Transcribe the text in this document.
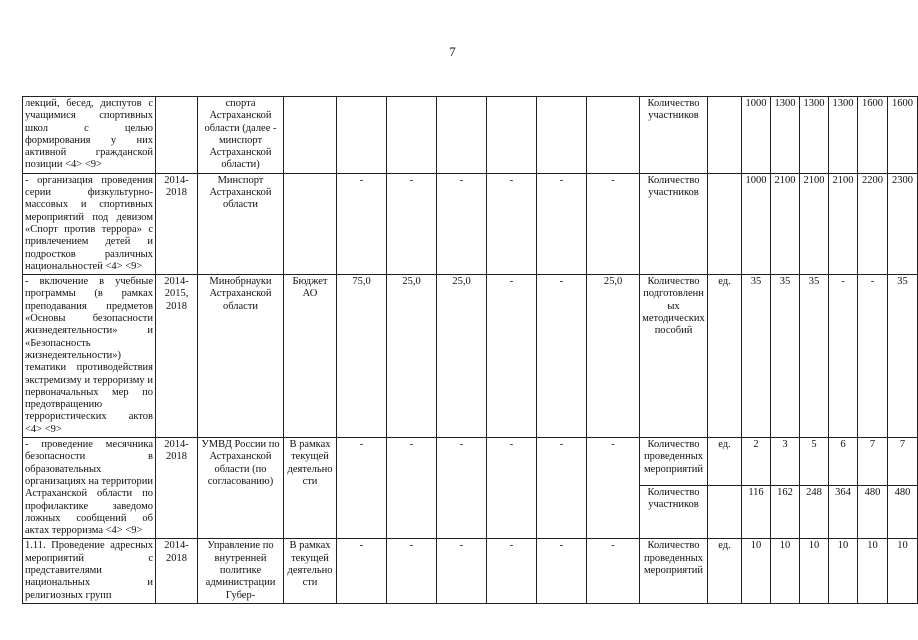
7
лекций, бесед, диспутов с учащимися спортивных школ с целью формирования у них активной гражданской позиции <4> <9>		спорта Астраханской области (далее - минспорт Астраханской области)								Количество участников		1000	1300	1300	1300	1600	1600
- организация проведения серии физкультурно-массовых и спортивных мероприятий под девизом «Спорт против террора» с привлечением детей и подростков различных национальностей <4> <9>	2014-2018	Минспорт Астраханской области		-	-	-	-	-	-	Количество участников		1000	2100	2100	2100	2200	2300
- включение в учебные программы (в рамках преподавания предметов «Основы безопасности жизнедеятельности» и «Безопасность жизнедеятельности») тематики противодействия экстремизму и терроризму и первоначальных мер по предотвращению террористических актов <4> <9>	2014-2015, 2018	Минобрнауки Астраханской области	Бюджет АО	75,0	25,0	25,0	-	-	25,0	Количество подготовленных методических пособий	ед.	35	35	35	-	-	35
- проведение месячника безопасности в образовательных организациях на территории Астраханской области по профилактике заведомо ложных сообщений об актах терроризма <4> <9>	2014-2018	УМВД России по Астраханской области (по согласованию)	В рамках текущей деятельности	-	-	-	-	-	-	Количество проведенных мероприятий	ед.	2	3	5	6	7	7
										Количество участников		116	162	248	364	480	480
1.11. Проведение адресных мероприятий с представителями национальных и религиозных групп	2014-2018	Управление по внутренней политике администрации Губер-	В рамках текущей деятельности	-	-	-	-	-	-	Количество проведенных мероприятий	ед.	10	10	10	10	10	10
